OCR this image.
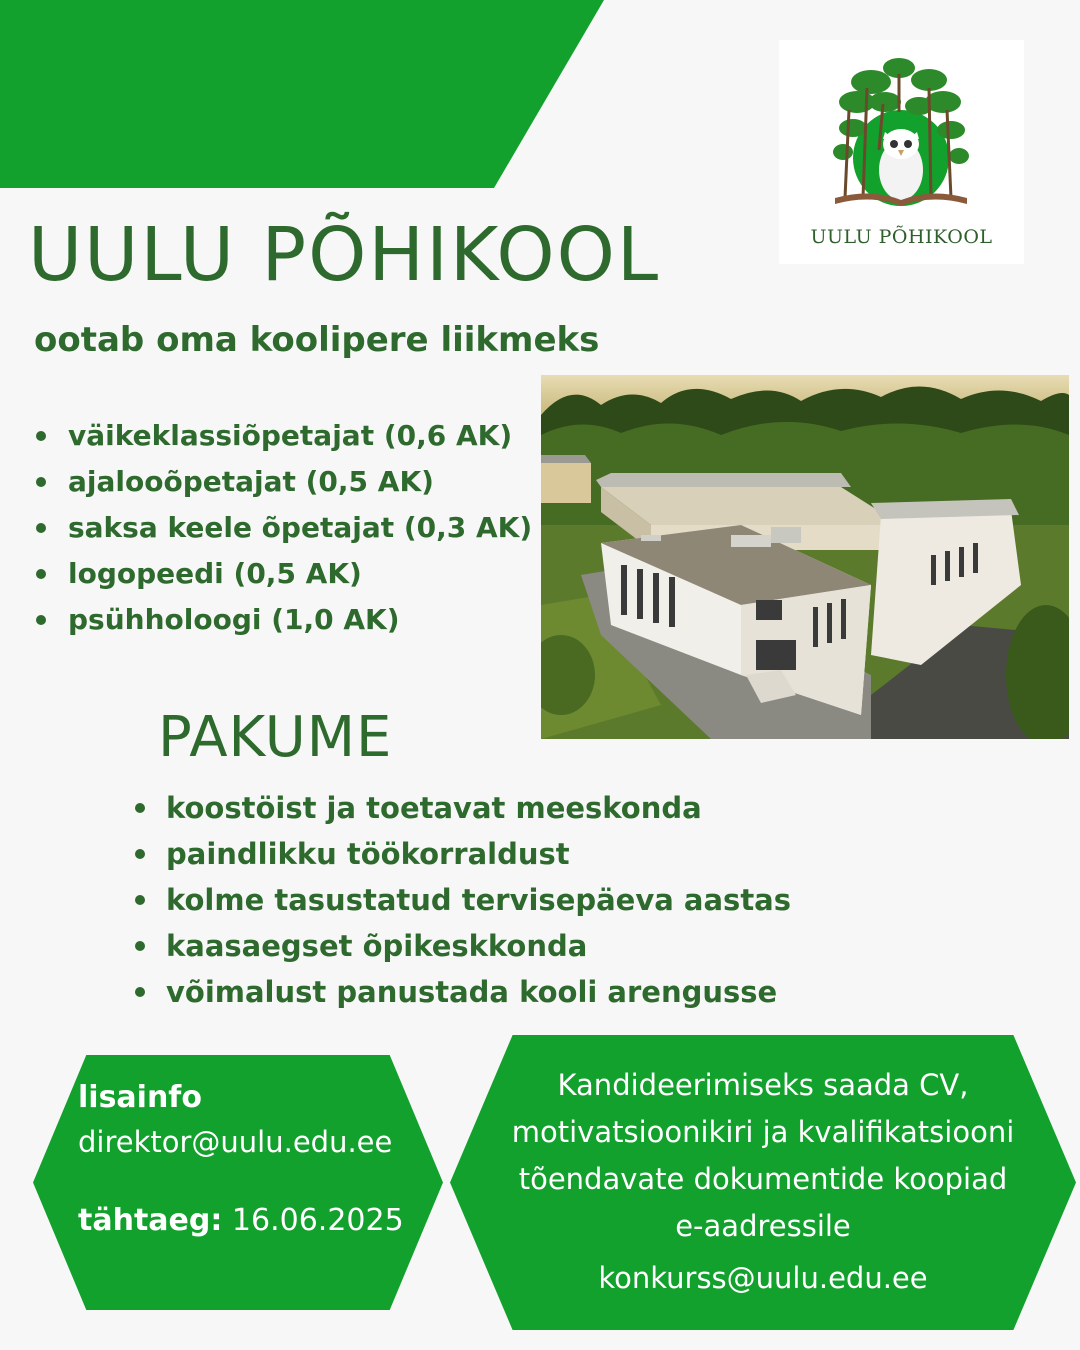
UULU PÕHIKOOL
UULU PÕHIKOOL
ootab oma koolipere liikmeks
väikeklassiõpetajat (0,6 AK)
ajalooõpetajat (0,5 AK)
saksa keele õpetajat (0,3 AK)
logopeedi (0,5 AK)
psühholoogi (1,0 AK)
PAKUME
koostöist ja toetavat meeskonda
paindlikku töökorraldust
kolme tasustatud tervisepäeva aastas
kaasaegset õpikeskkonda
võimalust panustada kooli arengusse
lisainfo
direktor@uulu.edu.ee
tähtaeg: 16.06.2025
Kandideerimiseks saada CV,
motivatsioonikiri ja kvalifikatsiooni
tõendavate dokumentide koopiad
e-aadressile
konkurss@uulu.edu.ee
